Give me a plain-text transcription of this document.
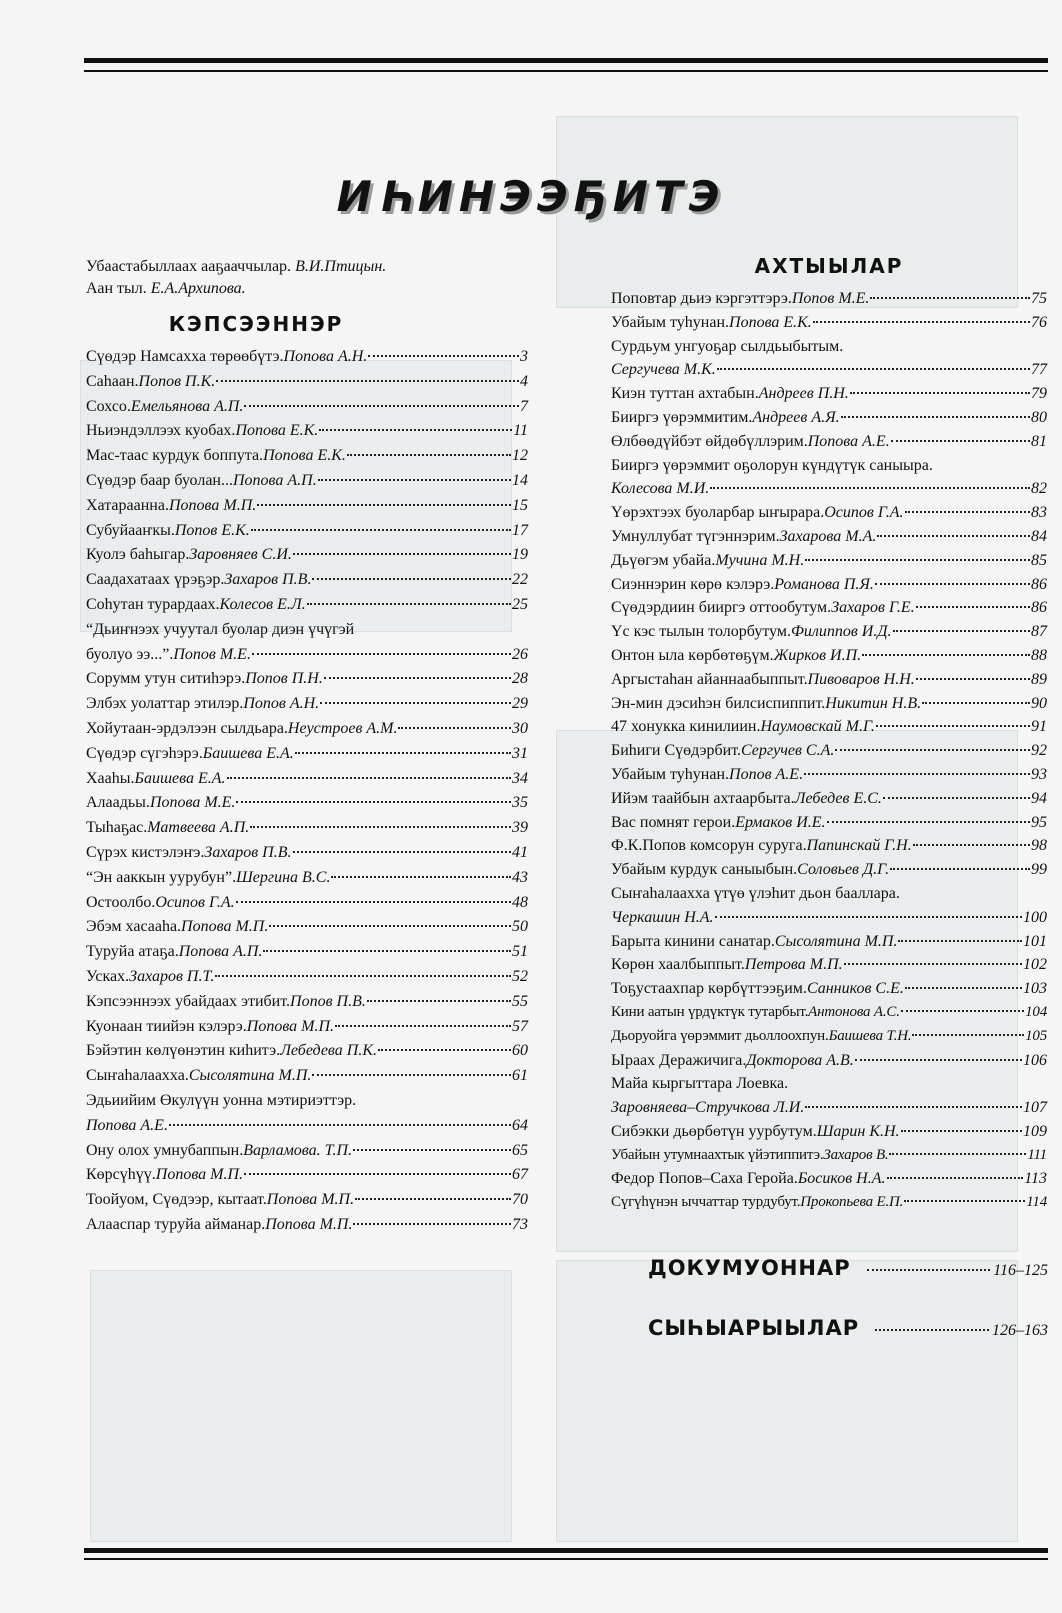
ИҺИНЭЭҔИТЭ
Убаастабыллаах ааҕааччылар. В.И.Птицын.
Аан тыл. Е.А.Архипова.
КЭПСЭЭННЭР
АХТЫЫЛАР
Сүөдэр Намсахха төрөөбүтэ. Попова А.Н.	3
Саһаан. Попов П.К.	4
Сохсо. Емельянова А.П.	7
Ньиэндэллээх куобах. Попова Е.К.	11
Мас-таас курдук боппута. Попова Е.К.	12
Сүөдэр баар буолан... Попова А.П.	14
Хатарааннa. Попова М.П.	15
Субуйааҥкы. Попов Е.К.	17
Куолэ баһыгар. Заровняев С.И.	19
Саадахатаах үрэҕэр. Захаров П.В.	22
Соһутан турардаах. Колесов Е.Л.	25
“Дьиҥнээх учуутал буолар диэн үчүгэй
буолуо ээ...”. Попов М.Е.	26
Сорумм утун ситиһэрэ. Попов П.Н.	28
Элбэх уолаттар этилэр. Попов А.Н.	29
Хойутаан-эрдэлээн сылдьара. Неустроев А.М.	30
Сүөдэр сүгэһэрэ. Баишева Е.А.	31
Хааһы. Баишева Е.А.	34
Алаадьы. Попова М.Е.	35
Тыһаҕас. Матвеева А.П.	39
Сүрэх кистэлэҥэ. Захаров П.В.	41
“Эн ааккын уурубун”. Шергина В.С.	43
Остоолбо. Осипов Г.А.	48
Эбэм хасааһа. Попова М.П.	50
Туруйа атаҕа. Попова А.П.	51
Усках. Захаров П.Т.	52
Кэпсээннээх убайдаах этибит. Попов П.В.	55
Куонаан тиийэн кэлэрэ. Попова М.П.	57
Бэйэтин көлүөнэтин киһитэ. Лебедева П.К.	60
Сыҥаһалаахха. Сысолятина М.П.	61
Эдьиийим Өкулүүн уонна мэтириэттэр.
Попова А.Е.	64
Ону олох умнубаппын. Варламова. Т.П.	65
Көрсүһүү. Попова М.П.	67
Тоойуом, Сүөдээр, кытаат. Попова М.П.	70
Алааспар туруйа айманар. Попова М.П.	73
Поповтар дьиэ кэргэттэрэ. Попов М.Е.	75
Убайым туһунан. Попова Е.К.	76
Сурдьум унгуоҕар сылдьыбытым.
Сергучева М.К.	77
Киэн туттан ахтабын. Андреев П.Н.	79
Бииргэ үөрэммитим. Андреев А.Я.	80
Өлбөөдүйбэт өйдөбүллэрим. Попова А.Е.	81
Бииргэ үөрэммит оҕолорун күндүтүк саныыра.
Колесова М.И.	82
Үөрэхтээх буоларбар ыҥырара. Осипов Г.А.	83
Умнуллубат түгэннэрим. Захарова М.А.	84
Дьүөгэм убайа. Мучина М.Н.	85
Сиэннэрин көрө кэлэрэ. Романова П.Я.	86
Сүөдэрдиин бииргэ оттообутум. Захаров Г.Е.	86
Үс кэс тылын толорбутум. Филиппов И.Д.	87
Онтон ыла көрбөтөҕүм. Жирков И.П.	88
Аргыстаһан айаннаабыппыт. Пивоваров Н.Н.	89
Эн-мин дэсиһэн билсиспиппит. Никитин Н.В.	90
47 хонукка кинилиин. Наумовскай М.Г.	91
Биһиги Сүөдэрбит. Сергучев С.А.	92
Убайым туһунан. Попов А.Е.	93
Ийэм таайбын ахтаарбыта. Лебедев Е.С.	94
Вас помнят герои. Ермаков И.Е.	95
Ф.К.Попов комсорун суруга. Папинскай Г.Н.	98
Убайым курдук саныыбын. Соловьев Д.Г.	99
Сыҥаһалаахха үтүө үлэһит дьон бааллара.
Черкашин Н.А.	100
Барыта кинини санатар. Сысолятина М.П.	101
Көрөн хаалбыппыт. Петрова М.П.	102
Тоҕустаахпар көрбүттээҕим. Санников С.Е.	103
Кини аатын үрдүктүк тутарбыт. Антонова А.С.	104
Дьоруойга үөрэммит дьоллоохпун. Баишева Т.Н.	105
Ыраах Деражичига. Докторова А.В.	106
Майа кыргыттара Лоевка.
Заровняева–Стручкова Л.И.	107
Сибэкки дьөрбөтүн уурбутум. Шарин К.Н.	109
Убайын утумнаахтык үйэтиппитэ. Захаров В.	111
Федор Попов–Саха Геройа. Босиков Н.А.	113
Сүгүһүнэн ыччаттар турдубут. Прокопьева Е.П.	114
ДОКУМУОННАР	116–125
СЫҺЫАРЫЫЛАР	126–163
